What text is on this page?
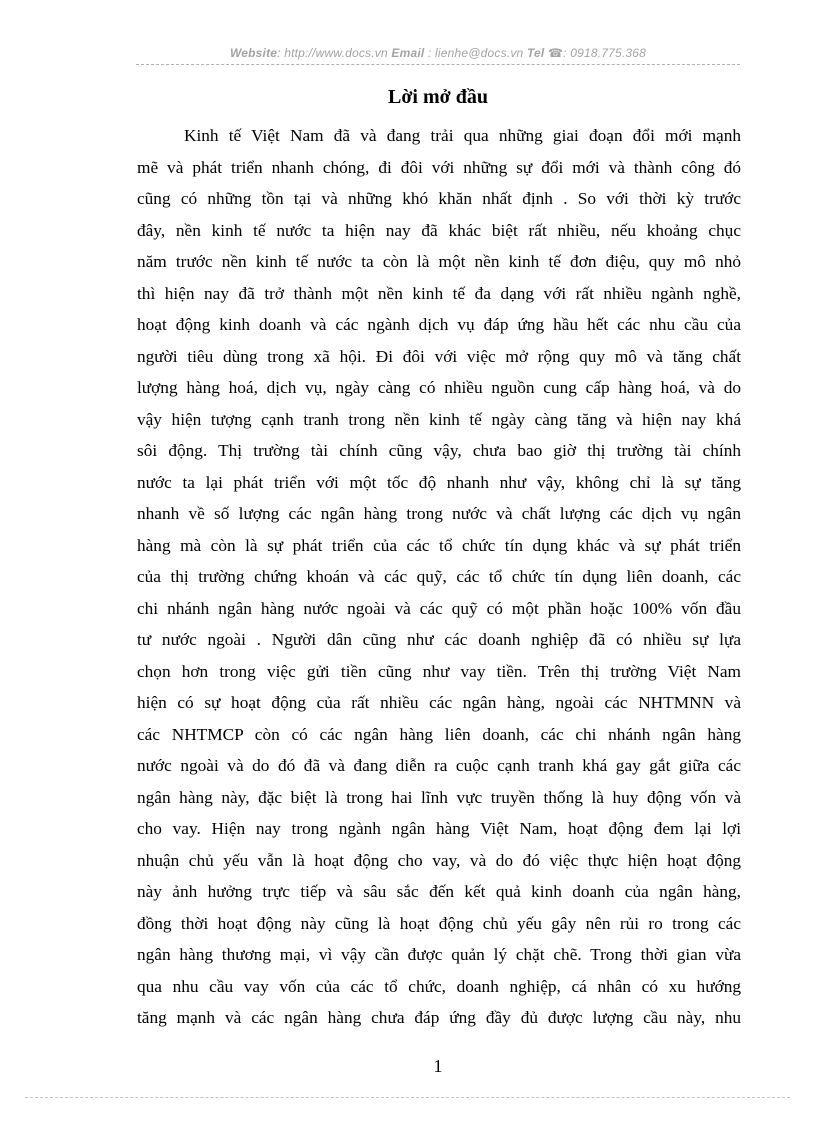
Website: http://www.docs.vn Email : lienhe@docs.vn Tel ☎: 0918.775.368
Lời mở đầu
Kinh tế Việt Nam đã và đang trải qua những giai đoạn đổi mới mạnh
mẽ và phát triển nhanh chóng, đi đôi với những sự đổi mới và thành công đó
cũng có những tồn tại và những khó khăn nhất định . So với thời kỳ trước
đây, nền kinh tế nước ta hiện nay đã khác biệt rất nhiều, nếu khoảng chục
năm trước nền kinh tế nước ta còn là một nền kinh tế đơn điệu, quy mô nhỏ
thì hiện nay đã trở thành một nền kinh tế đa dạng với rất nhiều ngành nghề,
hoạt động kinh doanh và các ngành dịch vụ đáp ứng hầu hết các nhu cầu của
người tiêu dùng trong xã hội. Đi đôi với việc mở rộng quy mô và tăng chất
lượng hàng hoá, dịch vụ, ngày càng có nhiều nguồn cung cấp hàng hoá, và do
vậy hiện tượng cạnh tranh trong nền kinh tế ngày càng tăng và hiện nay khá
sôi động. Thị trường tài chính cũng vậy, chưa bao giờ thị trường tài chính
nước ta lại phát triển với một tốc độ nhanh như vậy, không chỉ là sự tăng
nhanh về số lượng các ngân hàng trong nước và chất lượng các dịch vụ ngân
hàng mà còn là sự phát triển của các tổ chức tín dụng khác và sự phát triển
của thị trường chứng khoán và các quỹ, các tổ chức tín dụng liên doanh, các
chi nhánh ngân hàng nước ngoài và các quỹ có một phần hoặc 100% vốn đầu
tư nước ngoài . Người dân cũng như các doanh nghiệp đã có nhiều sự lựa
chọn hơn trong việc gửi tiền cũng như vay tiền. Trên thị trường Việt Nam
hiện có sự hoạt động của rất nhiều các ngân hàng, ngoài các NHTMNN và
các NHTMCP còn có các ngân hàng liên doanh, các chi nhánh ngân hàng
nước ngoài và do đó đã và đang diễn ra cuộc cạnh tranh khá gay gắt giữa các
ngân hàng này, đặc biệt là trong hai lĩnh vực truyền thống là huy động vốn và
cho vay. Hiện nay trong ngành ngân hàng Việt Nam, hoạt động đem lại lợi
nhuận chủ yếu vẫn là hoạt động cho vay, và do đó việc thực hiện hoạt động
này ảnh hưởng trực tiếp và sâu sắc đến kết quả kinh doanh của ngân hàng,
đồng thời hoạt động này cũng là hoạt động chủ yếu gây nên rủi ro trong các
ngân hàng thương mại, vì vậy cần được quản lý chặt chẽ. Trong thời gian vừa
qua nhu cầu vay vốn của các tổ chức, doanh nghiệp, cá nhân có xu hướng
tăng mạnh và các ngân hàng chưa đáp ứng đầy đủ được lượng cầu này, nhu
1
